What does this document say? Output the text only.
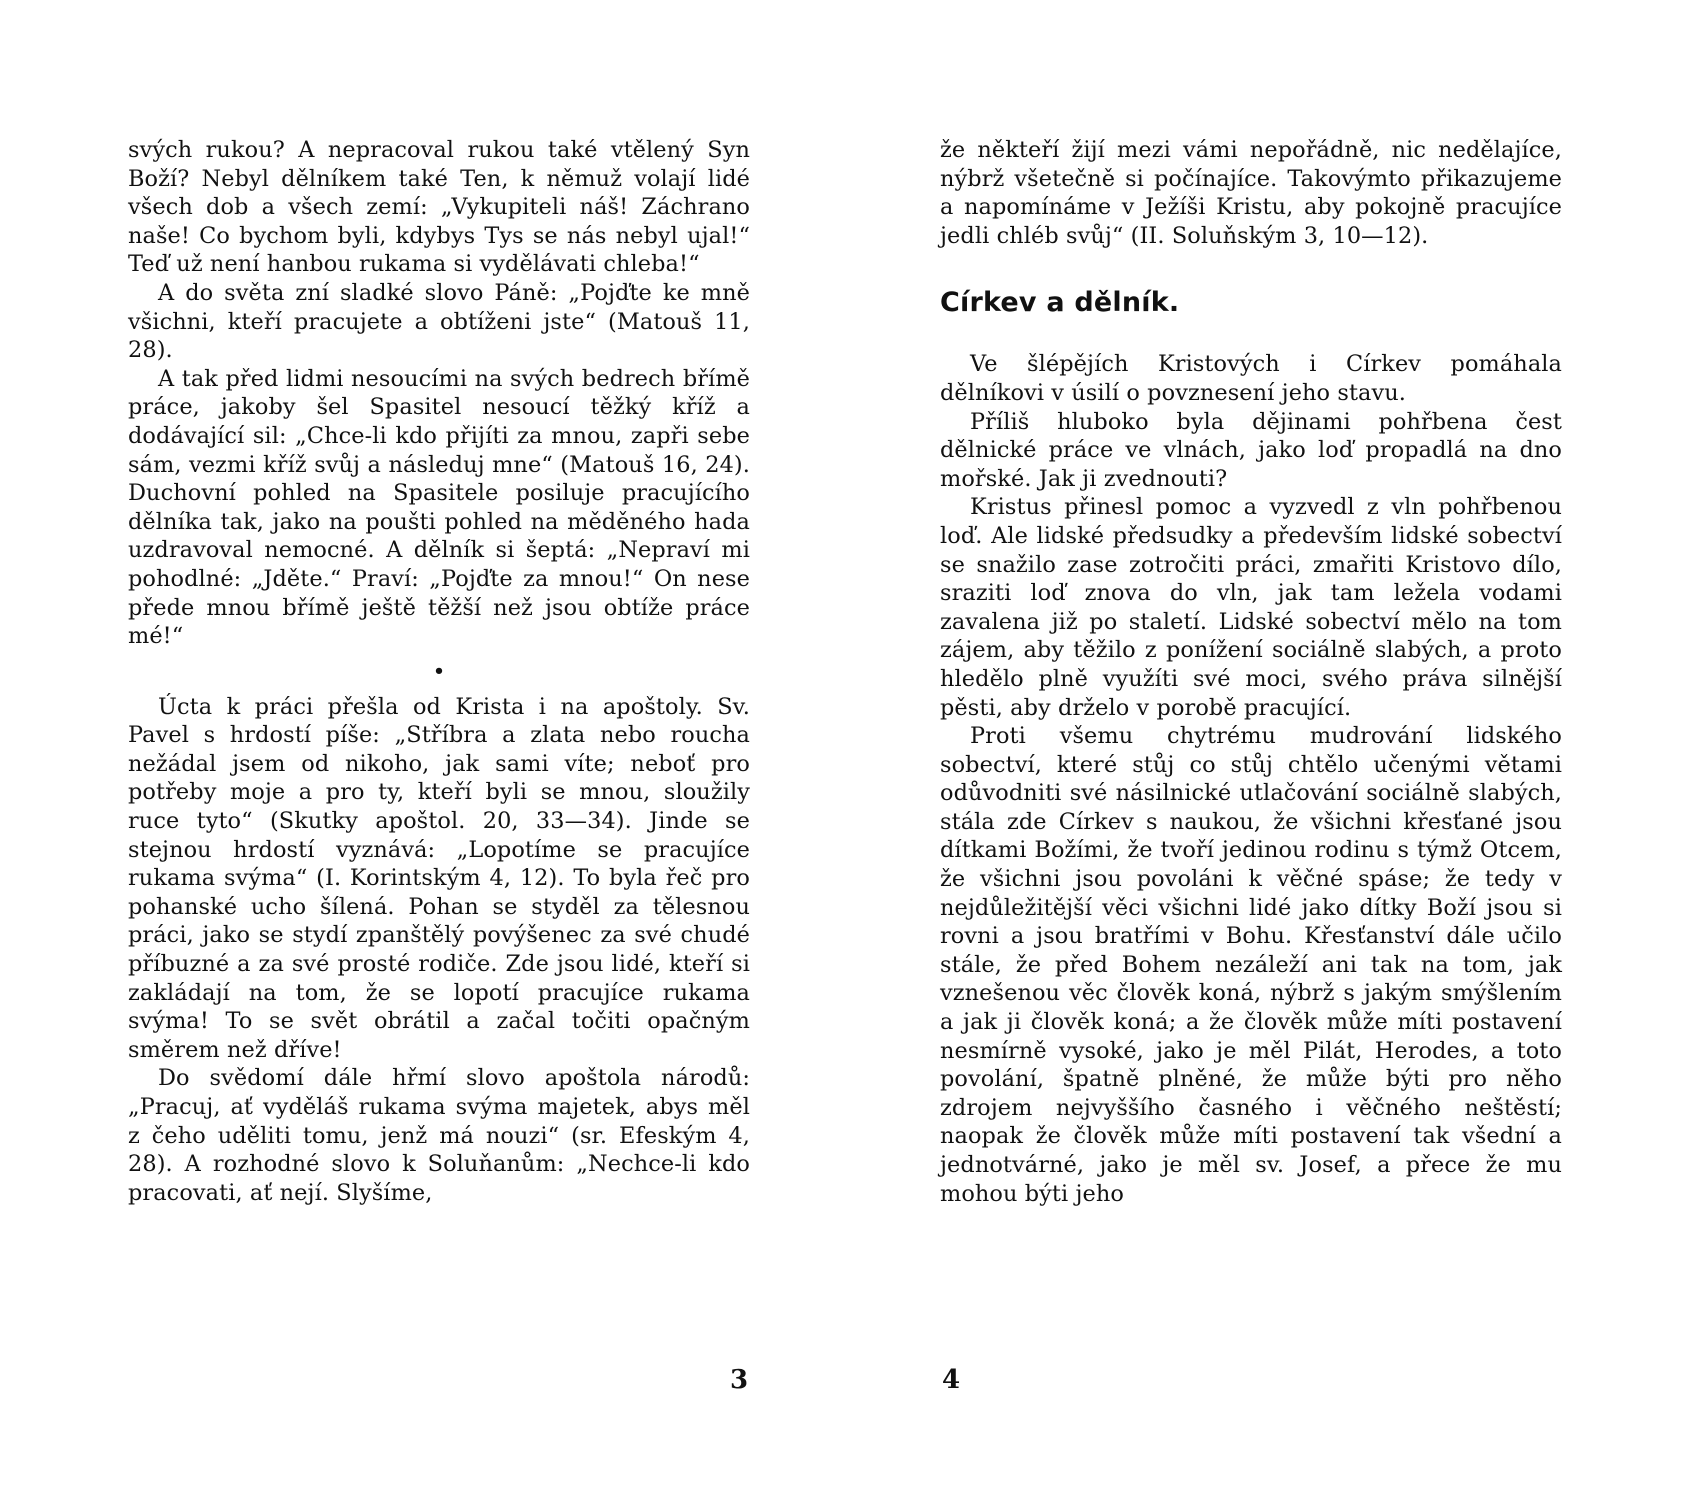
svých rukou? A nepracoval rukou také vtělený Syn Boží? Nebyl dělníkem také Ten, k němuž volají lidé všech dob a všech zemí: „Vykupiteli náš! Záchrano naše! Co bychom byli, kdybys Tys se nás nebyl ujal!“ Teď už není hanbou rukama si vydělávati chleba!“

A do světa zní sladké slovo Páně: „Pojďte ke mně všichni, kteří pracujete a obtíženi jste“ (Matouš 11, 28).

A tak před lidmi nesoucími na svých bedrech břímě práce, jakoby šel Spasitel nesoucí těžký kříž a dodávající sil: „Chce-li kdo přijíti za mnou, zapři sebe sám, vezmi kříž svůj a následuj mne“ (Matouš 16, 24). Duchovní pohled na Spasitele posiluje pracujícího dělníka tak, jako na poušti pohled na měděného hada uzdravoval nemocné. A dělník si šeptá: „Nepraví mi pohodlné: „Jděte.“ Praví: „Pojďte za mnou!“ On nese přede mnou břímě ještě těžší než jsou obtíže práce mé!“

•

Úcta k práci přešla od Krista i na apoštoly. Sv. Pavel s hrdostí píše: „Stříbra a zlata nebo roucha nežádal jsem od nikoho, jak sami víte; neboť pro potřeby moje a pro ty, kteří byli se mnou, sloužily ruce tyto“ (Skutky apoštol. 20, 33—34). Jinde se stejnou hrdostí vyznává: „Lopotíme se pracujíce rukama svýma“ (I. Korintským 4, 12). To byla řeč pro pohanské ucho šílená. Pohan se styděl za tělesnou práci, jako se stydí zpanštělý povýšenec za své chudé příbuzné a za své prosté rodiče. Zde jsou lidé, kteří si zakládají na tom, že se lopotí pracujíce rukama svýma! To se svět obrátil a začal točiti opačným směrem než dříve!

Do svědomí dále hřmí slovo apoštola národů: „Pracuj, ať vyděláš rukama svýma majetek, abys měl z čeho uděliti tomu, jenž má nouzi“ (sr. Efeským 4, 28). A rozhodné slovo k Soluňanům: „Nechce-li kdo pracovati, ať nejí. Slyšíme,

3

že někteří žijí mezi vámi nepořádně, nic nedělajíce, nýbrž všetečně si počínajíce. Takovýmto přikazujeme a napomínáme v Ježíši Kristu, aby pokojně pracujíce jedli chléb svůj“ (II. Soluňským 3, 10—12).

Církev a dělník.

Ve šlépějích Kristových i Církev pomáhala dělníkovi v úsilí o povznesení jeho stavu.

Příliš hluboko byla dějinami pohřbena čest dělnické práce ve vlnách, jako loď propadlá na dno mořské. Jak ji zvednouti?

Kristus přinesl pomoc a vyzvedl z vln pohřbenou loď. Ale lidské předsudky a především lidské sobectví se snažilo zase zotročiti práci, zmařiti Kristovo dílo, sraziti loď znova do vln, jak tam ležela vodami zavalena již po staletí. Lidské sobectví mělo na tom zájem, aby těžilo z ponížení sociálně slabých, a proto hledělo plně využíti své moci, svého práva silnější pěsti, aby drželo v porobě pracující.

Proti všemu chytrému mudrování lidského sobectví, které stůj co stůj chtělo učenými větami odůvodniti své násilnické utlačování sociálně slabých, stála zde Církev s naukou, že všichni křesťané jsou dítkami Božími, že tvoří jedinou rodinu s týmž Otcem, že všichni jsou povoláni k věčné spáse; že tedy v nejdůležitější věci všichni lidé jako dítky Boží jsou si rovni a jsou bratřími v Bohu. Křesťanství dále učilo stále, že před Bohem nezáleží ani tak na tom, jak vznešenou věc člověk koná, nýbrž s jakým smýšlením a jak ji člověk koná; a že člověk může míti postavení nesmírně vysoké, jako je měl Pilát, Herodes, a toto povolání, špatně plněné, že může býti pro něho zdrojem nejvyššího časného i věčného neštěstí; naopak že člověk může míti postavení tak všední a jednotvárné, jako je měl sv. Josef, a přece že mu mohou býti jeho

4
